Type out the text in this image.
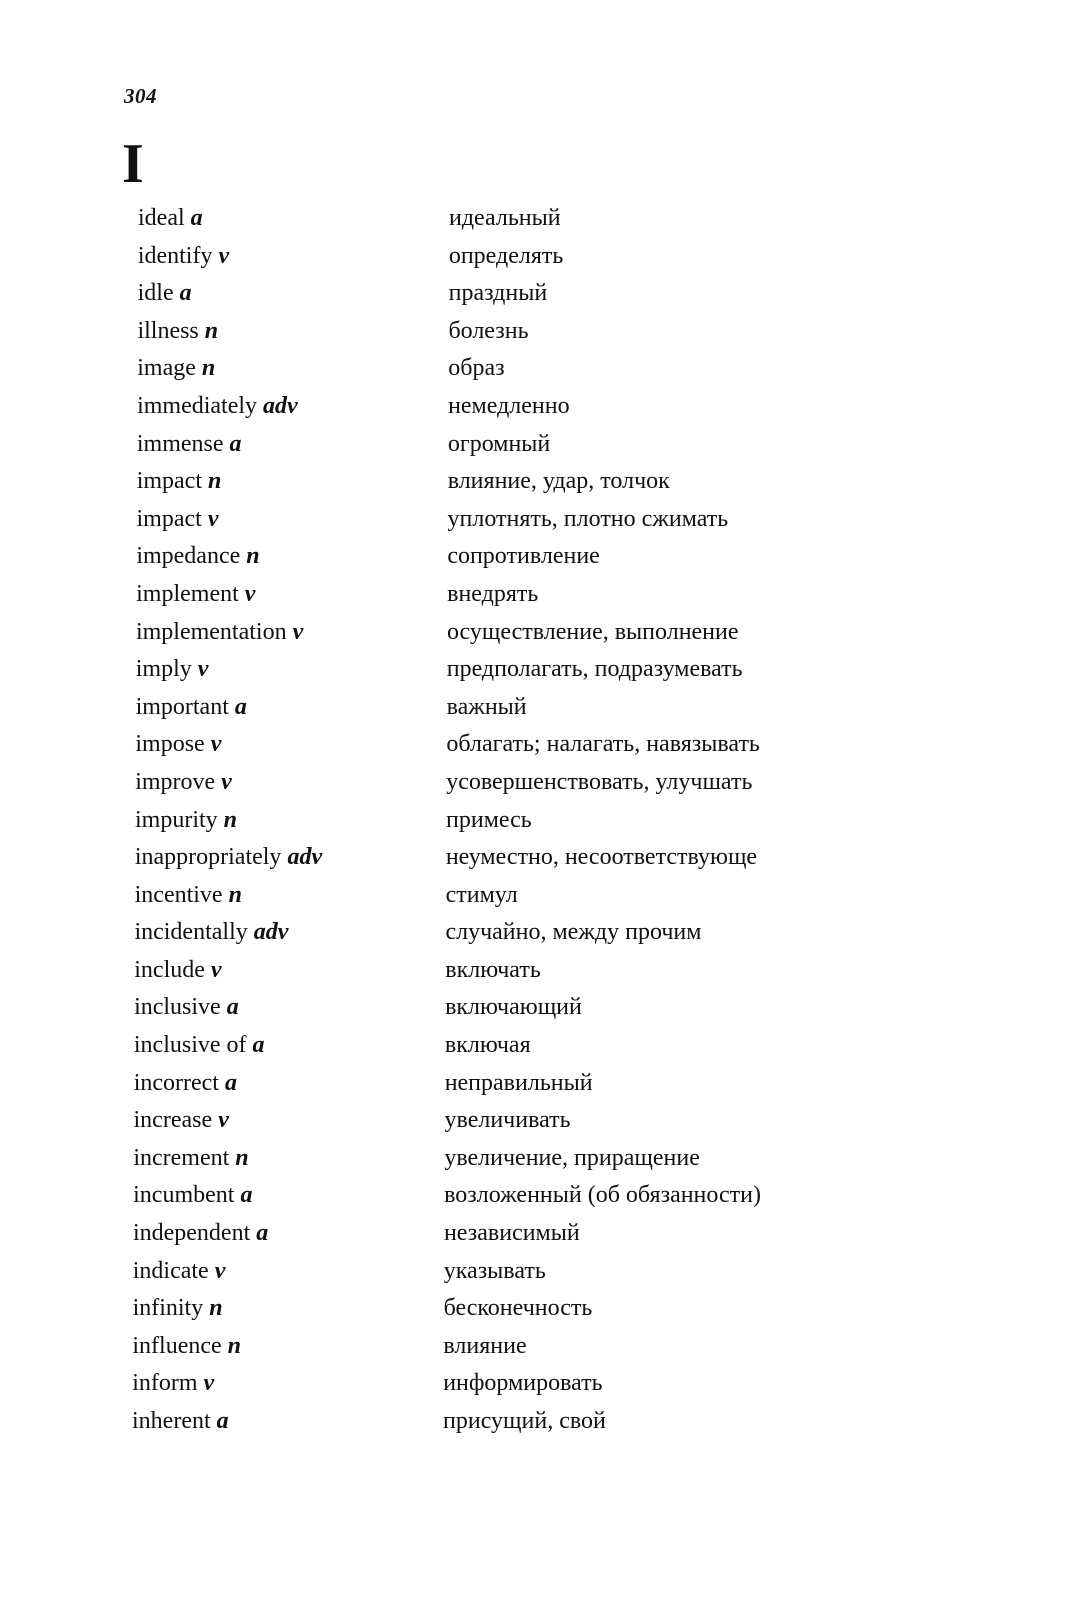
304
I
ideal a	идеальный
identify v	определять
idle a	праздный
illness n	болезнь
image n	образ
immediately adv	немедленно
immense a	огромный
impact n	влияние, удар, толчок
impact v	уплотнять, плотно сжимать
impedance n	сопротивление
implement v	внедрять
implementation v	осуществление, выполнение
imply v	предполагать, подразумевать
important a	важный
impose v	облагать; налагать, навязывать
improve v	усовершенствовать, улучшать
impurity n	примесь
inappropriately adv	неуместно, несоответствующе
incentive n	стимул
incidentally adv	случайно, между прочим
include v	включать
inclusive a	включающий
inclusive of a	включая
incorrect a	неправильный
increase v	увеличивать
increment n	увеличение, приращение
incumbent a	возложенный (об обязанности)
independent a	независимый
indicate v	указывать
infinity n	бесконечность
influence n	влияние
inform v	информировать
inherent a	присущий, свой
